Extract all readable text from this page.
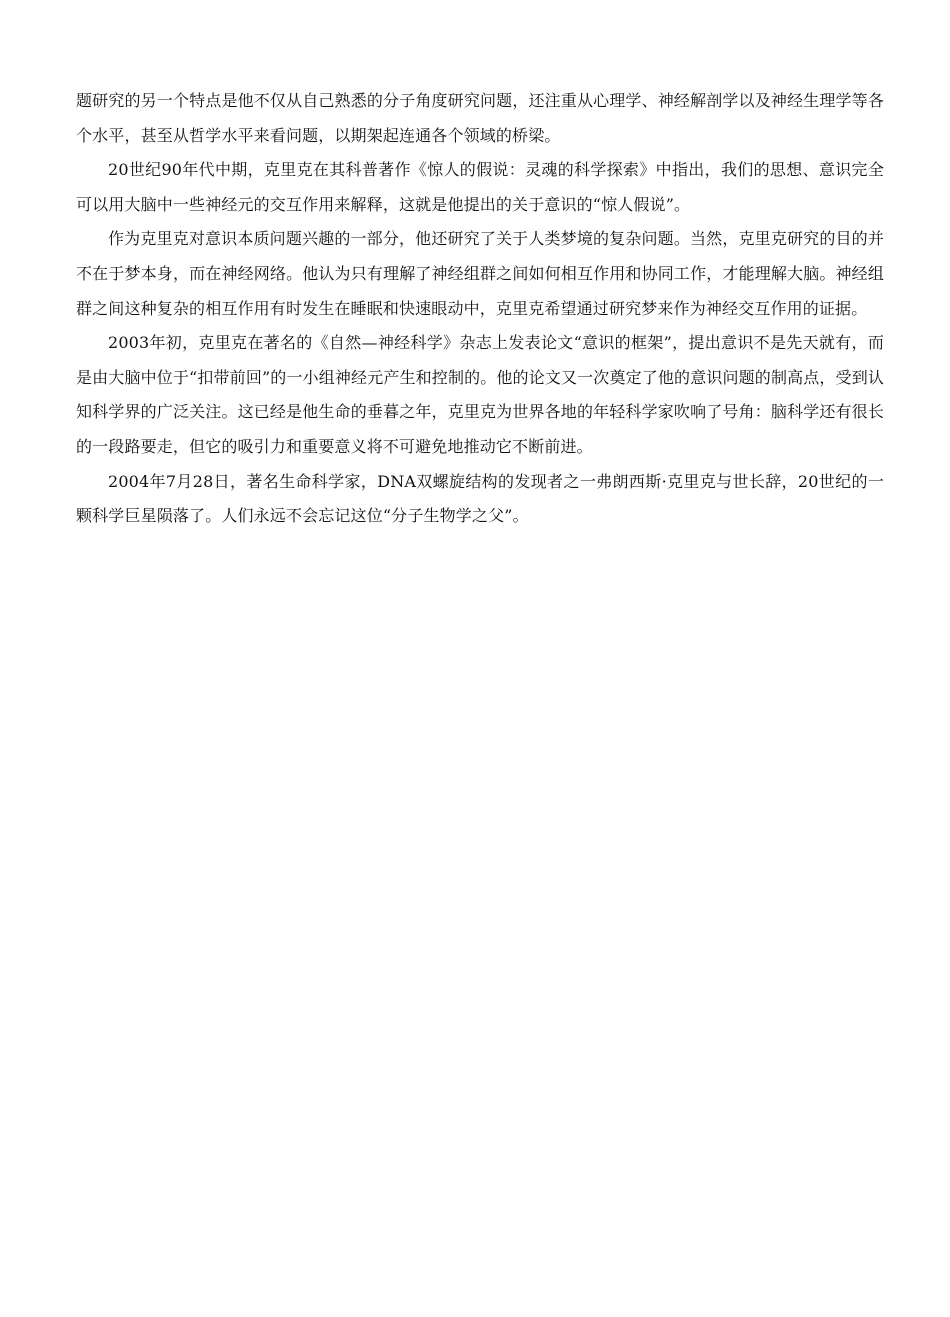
题研究的另一个特点是他不仅从自己熟悉的分子角度研究问题，还注重从心理学、神经解剖学以及神经生理学等各个水平，甚至从哲学水平来看问题，以期架起连通各个领域的桥梁。

20世纪90年代中期，克里克在其科普著作《惊人的假说：灵魂的科学探索》中指出，我们的思想、意识完全可以用大脑中一些神经元的交互作用来解释，这就是他提出的关于意识的“惊人假说”。

作为克里克对意识本质问题兴趣的一部分，他还研究了关于人类梦境的复杂问题。当然，克里克研究的目的并不在于梦本身，而在神经网络。他认为只有理解了神经组群之间如何相互作用和协同工作，才能理解大脑。神经组群之间这种复杂的相互作用有时发生在睡眠和快速眼动中，克里克希望通过研究梦来作为神经交互作用的证据。

2003年初，克里克在著名的《自然—神经科学》杂志上发表论文“意识的框架”，提出意识不是先天就有，而是由大脑中位于“扣带前回”的一小组神经元产生和控制的。他的论文又一次奠定了他的意识问题的制高点，受到认知科学界的广泛关注。这已经是他生命的垂暮之年，克里克为世界各地的年轻科学家吹响了号角：脑科学还有很长的一段路要走，但它的吸引力和重要意义将不可避免地推动它不断前进。

2004年7月28日，著名生命科学家，DNA双螺旋结构的发现者之一弗朗西斯·克里克与世长辞，20世纪的一颗科学巨星陨落了。人们永远不会忘记这位“分子生物学之父”。
